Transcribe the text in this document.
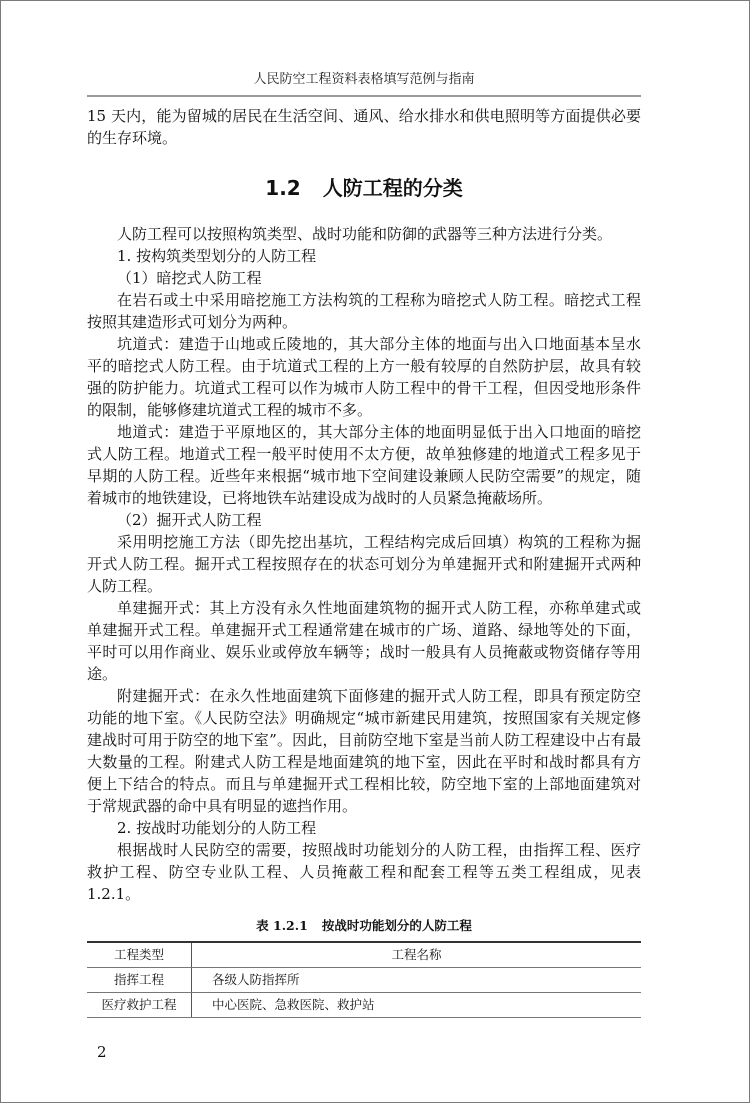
人民防空工程资料表格填写范例与指南

15 天内，能为留城的居民在生活空间、通风、给水排水和供电照明等方面提供必要的生存环境。

1.2 人防工程的分类

人防工程可以按照构筑类型、战时功能和防御的武器等三种方法进行分类。

1. 按构筑类型划分的人防工程

（1）暗挖式人防工程

在岩石或土中采用暗挖施工方法构筑的工程称为暗挖式人防工程。暗挖式工程按照其建造形式可划分为两种。

坑道式：建造于山地或丘陵地的，其大部分主体的地面与出入口地面基本呈水平的暗挖式人防工程。由于坑道式工程的上方一般有较厚的自然防护层，故具有较强的防护能力。坑道式工程可以作为城市人防工程中的骨干工程，但因受地形条件的限制，能够修建坑道式工程的城市不多。

地道式：建造于平原地区的，其大部分主体的地面明显低于出入口地面的暗挖式人防工程。地道式工程一般平时使用不太方便，故单独修建的地道式工程多见于早期的人防工程。近些年来根据“城市地下空间建设兼顾人民防空需要”的规定，随着城市的地铁建设，已将地铁车站建设成为战时的人员紧急掩蔽场所。

（2）掘开式人防工程

采用明挖施工方法（即先挖出基坑，工程结构完成后回填）构筑的工程称为掘开式人防工程。掘开式工程按照存在的状态可划分为单建掘开式和附建掘开式两种人防工程。

单建掘开式：其上方没有永久性地面建筑物的掘开式人防工程，亦称单建式或单建掘开式工程。单建掘开式工程通常建在城市的广场、道路、绿地等处的下面，平时可以用作商业、娱乐业或停放车辆等；战时一般具有人员掩蔽或物资储存等用途。

附建掘开式：在永久性地面建筑下面修建的掘开式人防工程，即具有预定防空功能的地下室。《人民防空法》明确规定“城市新建民用建筑，按照国家有关规定修建战时可用于防空的地下室”。因此，目前防空地下室是当前人防工程建设中占有最大数量的工程。附建式人防工程是地面建筑的地下室，因此在平时和战时都具有方便上下结合的特点。而且与单建掘开式工程相比较，防空地下室的上部地面建筑对于常规武器的命中具有明显的遮挡作用。

2. 按战时功能划分的人防工程

根据战时人民防空的需要，按照战时功能划分的人防工程，由指挥工程、医疗救护工程、防空专业队工程、人员掩蔽工程和配套工程等五类工程组成，见表 1.2.1。

表 1.2.1 按战时功能划分的人防工程
工程类型	工程名称
指挥工程	各级人防指挥所
医疗救护工程	中心医院、急救医院、救护站
2
